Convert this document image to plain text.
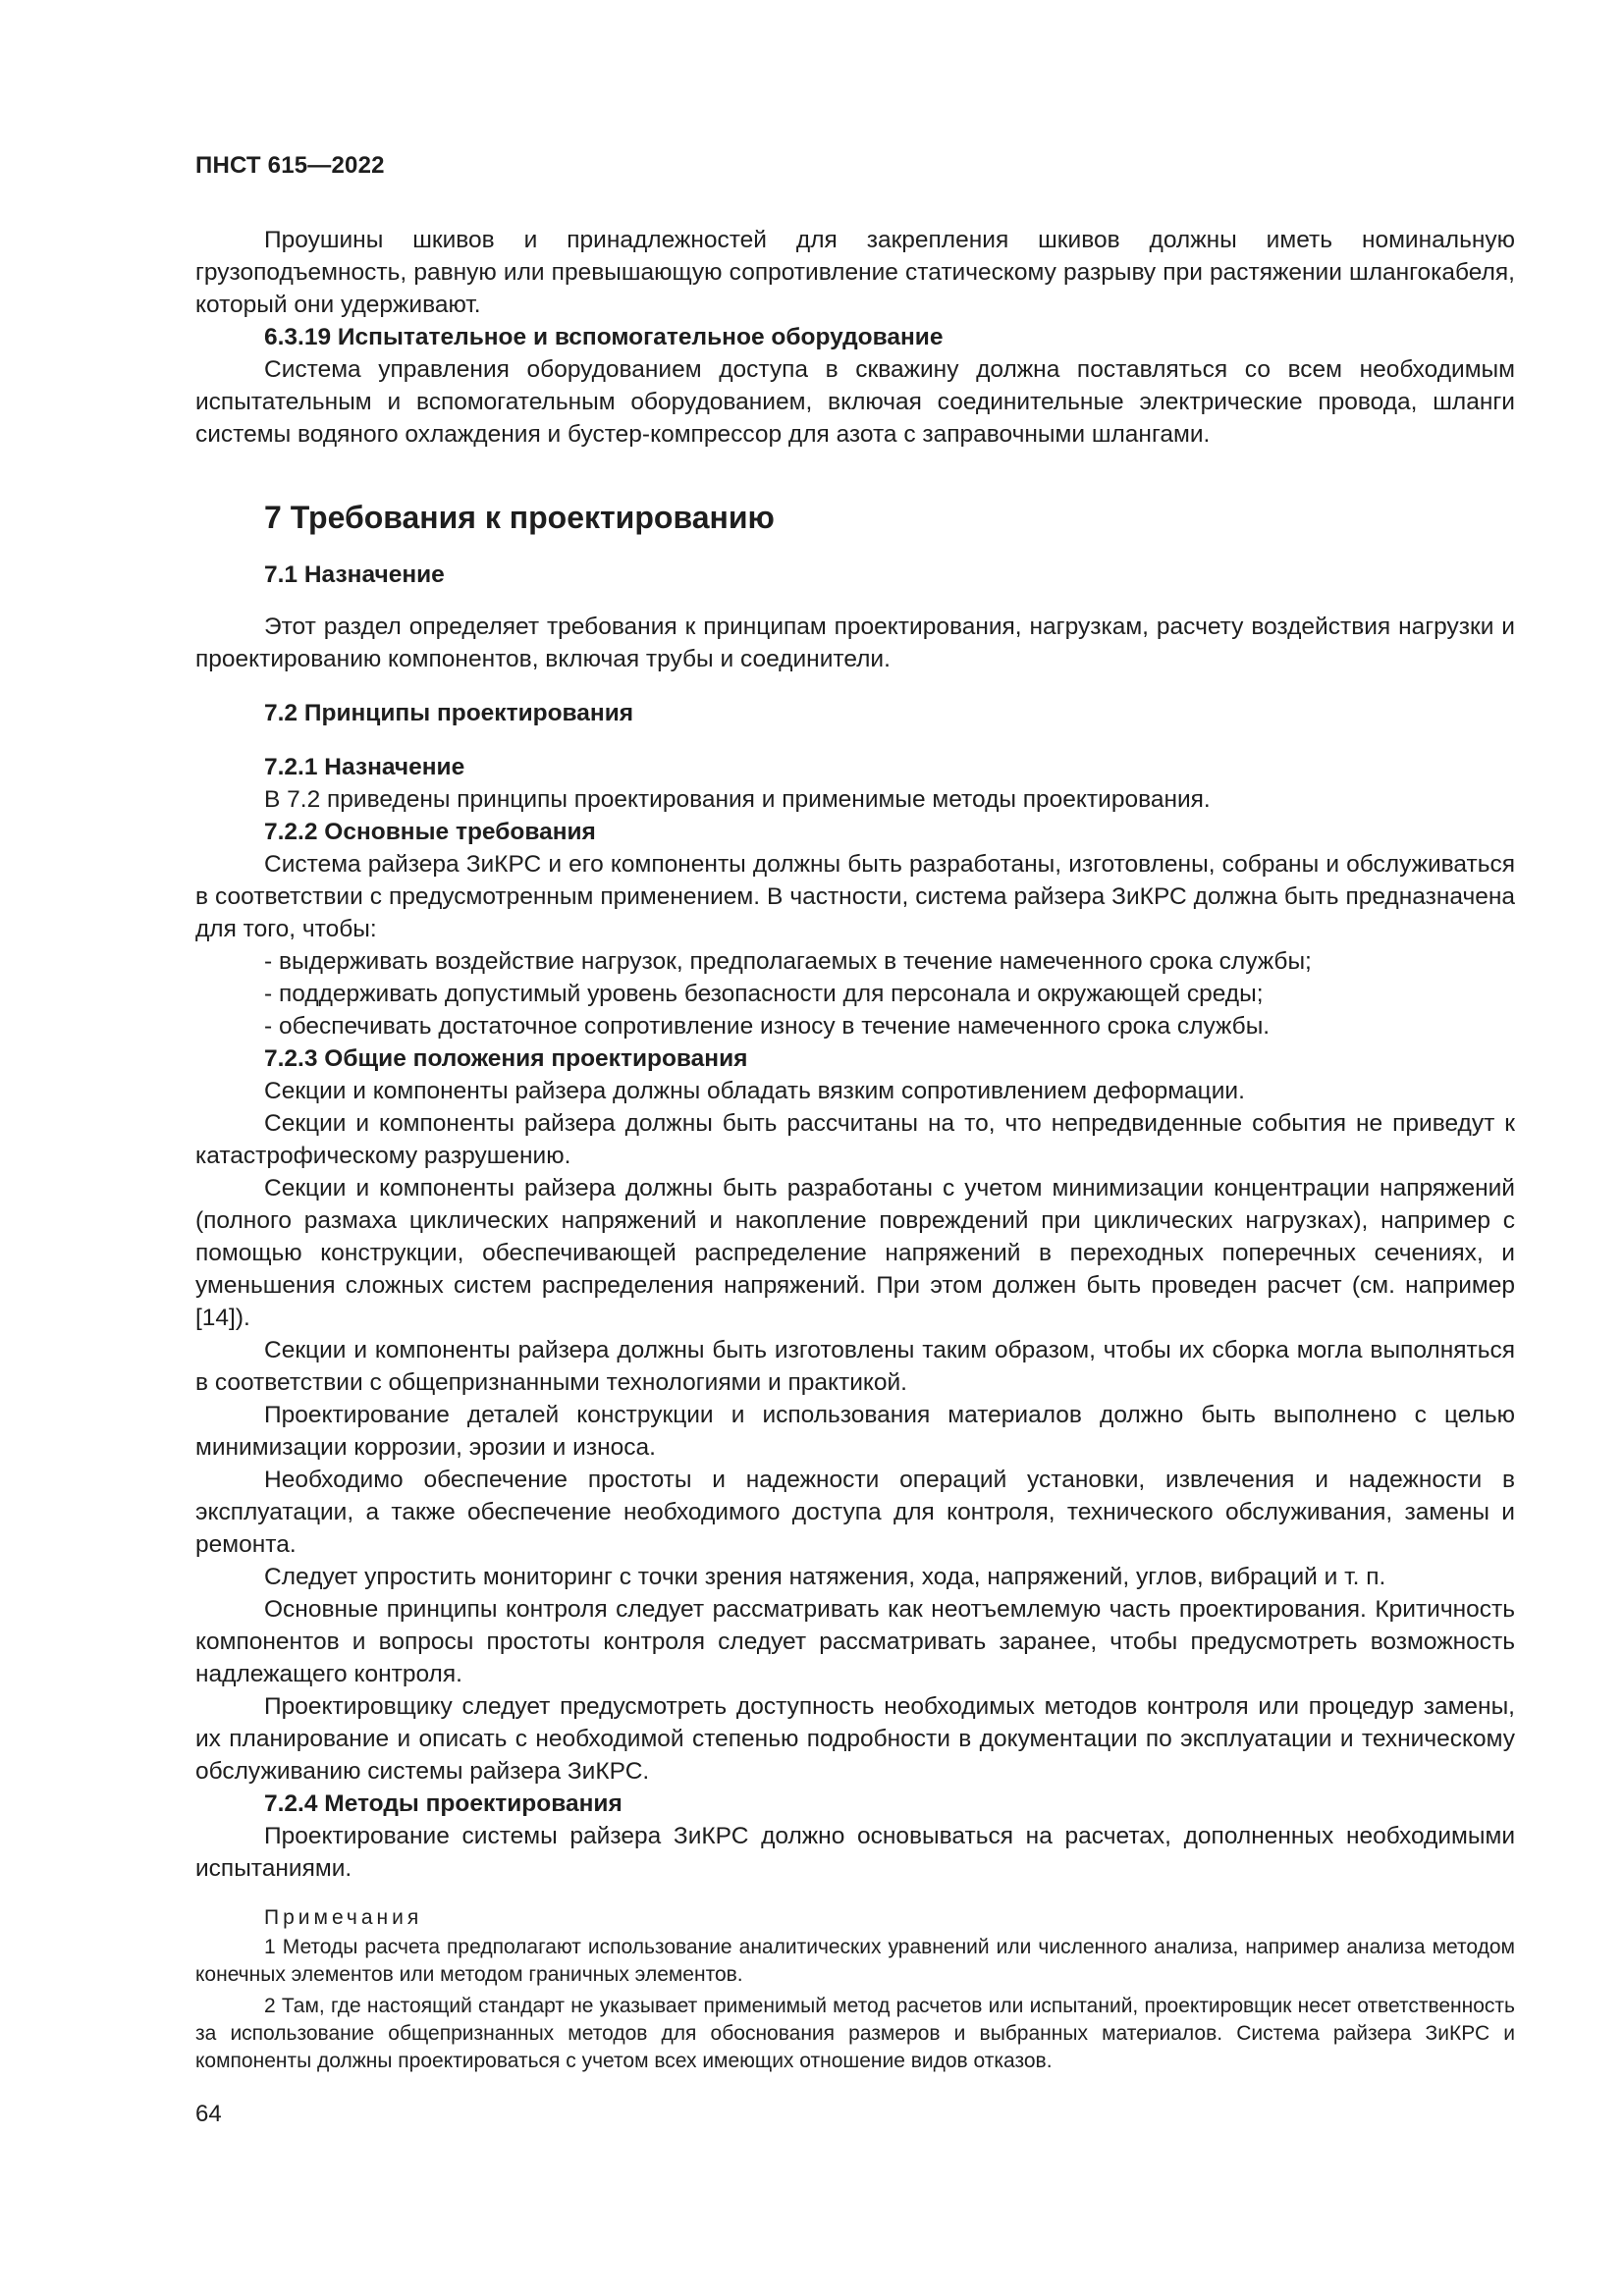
ПНСТ 615—2022

Проушины шкивов и принадлежностей для закрепления шкивов должны иметь номинальную грузоподъемность, равную или превышающую сопротивление статическому разрыву при растяжении шлангокабеля, который они удерживают.

6.3.19 Испытательное и вспомогательное оборудование

Система управления оборудованием доступа в скважину должна поставляться со всем необходимым испытательным и вспомогательным оборудованием, включая соединительные электрические провода, шланги системы водяного охлаждения и бустер-компрессор для азота с заправочными шлангами.

7 Требования к проектированию
7.1 Назначение

Этот раздел определяет требования к принципам проектирования, нагрузкам, расчету воздействия нагрузки и проектированию компонентов, включая трубы и соединители.

7.2 Принципы проектирования
7.2.1 Назначение

В 7.2 приведены принципы проектирования и применимые методы проектирования.

7.2.2 Основные требования

Система райзера ЗиКРС и его компоненты должны быть разработаны, изготовлены, собраны и обслуживаться в соответствии с предусмотренным применением. В частности, система райзера ЗиКРС должна быть предназначена для того, чтобы:

- выдерживать воздействие нагрузок, предполагаемых в течение намеченного срока службы;
- поддерживать допустимый уровень безопасности для персонала и окружающей среды;
- обеспечивать достаточное сопротивление износу в течение намеченного срока службы.
7.2.3 Общие положения проектирования

Секции и компоненты райзера должны обладать вязким сопротивлением деформации.

Секции и компоненты райзера должны быть рассчитаны на то, что непредвиденные события не приведут к катастрофическому разрушению.

Секции и компоненты райзера должны быть разработаны с учетом минимизации концентрации напряжений (полного размаха циклических напряжений и накопление повреждений при циклических нагрузках), например с помощью конструкции, обеспечивающей распределение напряжений в переходных поперечных сечениях, и уменьшения сложных систем распределения напряжений. При этом должен быть проведен расчет (см. например [14]).

Секции и компоненты райзера должны быть изготовлены таким образом, чтобы их сборка могла выполняться в соответствии с общепризнанными технологиями и практикой.

Проектирование деталей конструкции и использования материалов должно быть выполнено с целью минимизации коррозии, эрозии и износа.

Необходимо обеспечение простоты и надежности операций установки, извлечения и надежности в эксплуатации, а также обеспечение необходимого доступа для контроля, технического обслуживания, замены и ремонта.

Следует упростить мониторинг с точки зрения натяжения, хода, напряжений, углов, вибраций и т. п.

Основные принципы контроля следует рассматривать как неотъемлемую часть проектирования. Критичность компонентов и вопросы простоты контроля следует рассматривать заранее, чтобы предусмотреть возможность надлежащего контроля.

Проектировщику следует предусмотреть доступность необходимых методов контроля или процедур замены, их планирование и описать с необходимой степенью подробности в документации по эксплуатации и техническому обслуживанию системы райзера ЗиКРС.

7.2.4 Методы проектирования

Проектирование системы райзера ЗиКРС должно основываться на расчетах, дополненных необходимыми испытаниями.

Примечания

1 Методы расчета предполагают использование аналитических уравнений или численного анализа, например анализа методом конечных элементов или методом граничных элементов.

2 Там, где настоящий стандарт не указывает применимый метод расчетов или испытаний, проектировщик несет ответственность за использование общепризнанных методов для обоснования размеров и выбранных материалов. Система райзера ЗиКРС и компоненты должны проектироваться с учетом всех имеющих отношение видов отказов.

64
